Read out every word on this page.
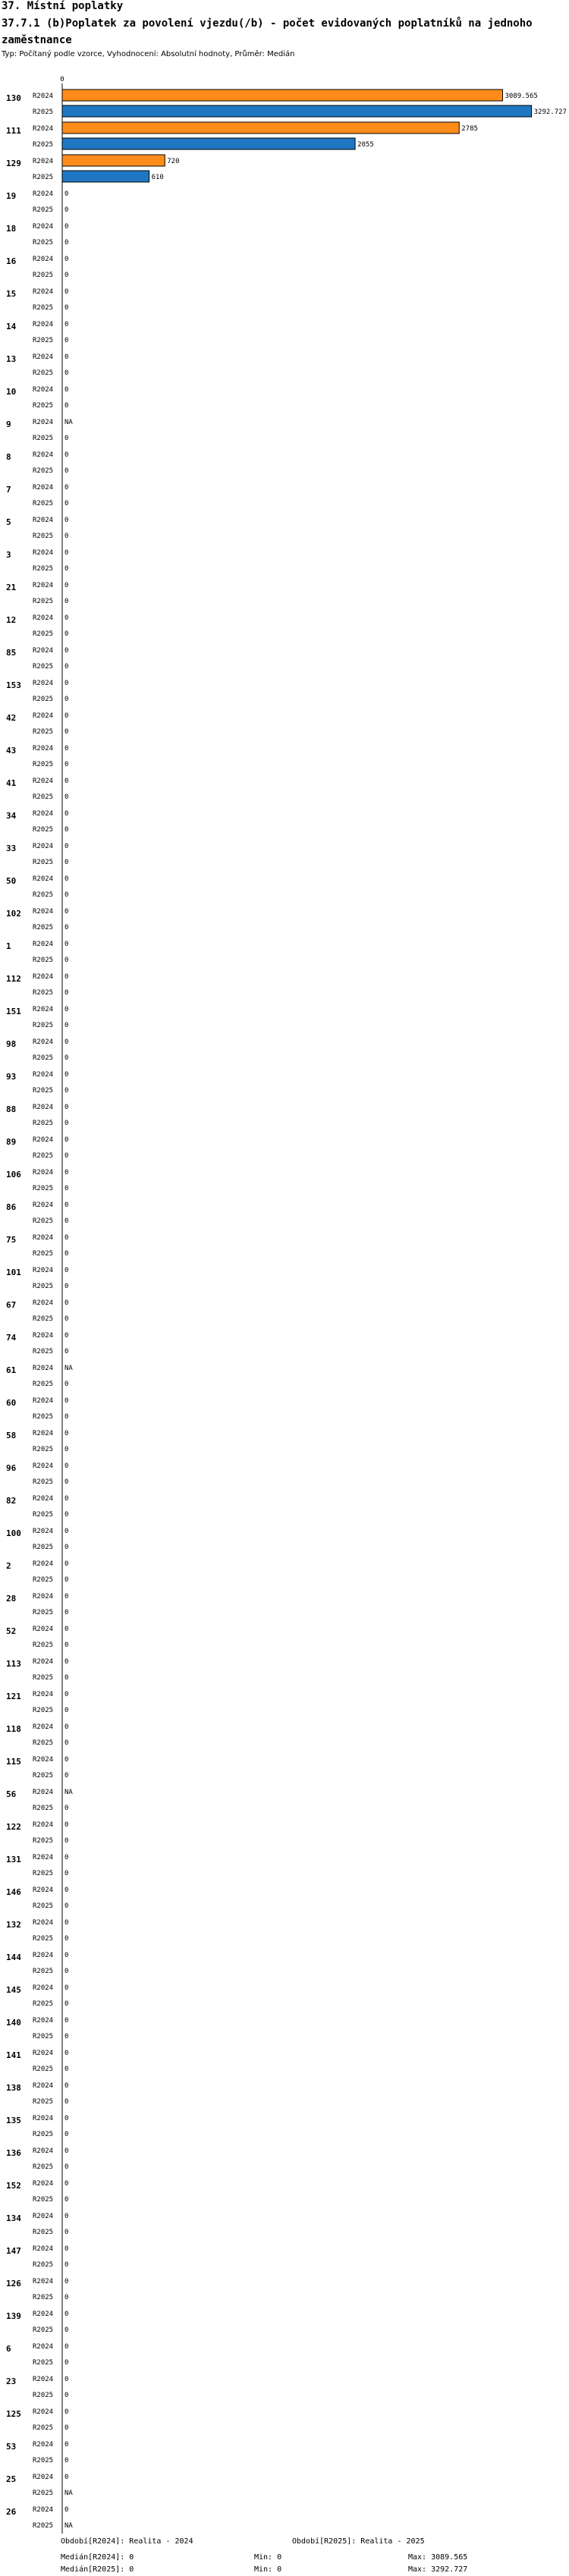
37. Místní poplatky
37.7.1 (b)Poplatek za povolení vjezdu(/b) - počet evidovaných poplatníků na jednoho zaměstnance
Typ: Počítaný podle vzorce, Vyhodnocení: Absolutní hodnoty, Průměr: Medián
0
130 R2024	3089.565
R2025	3292.727
111 R2024	2785
R2025	2055
129 R2024	720
R2025	610
19 R2024 0
R2025 0
18 R2024 0
R2025 0
16 R2024 0
R2025 0
15 R2024 0
R2025 0
14 R2024 0
R2025 0
13 R2024 0
R2025 0
10 R2024 0
R2025 0
9	R2024 NA
R2025 0
8	R2024 0
R2025 0
7	R2024 0
R2025 0
5	R2024 0
R2025 0
3	R2024 0
R2025 0
21 R2024 0
R2025 0
12 R2024 0
R2025 0
85 R2024 0
R2025 0
153 R2024 0
R2025 0
42 R2024 0
R2025 0
43 R2024 0
R2025 0
41 R2024 0
R2025 0
34 R2024 0
R2025 0
33 R2024 0
R2025 0
50 R2024 0
R2025 0
102 R2024 0
R2025 0
1	R2024 0
R2025 0
112 R2024 0
R2025 0
151 R2024 0
R2025 0
98 R2024 0
R2025 0
93 R2024 0
R2025 0
88 R2024 0
R2025 0
89 R2024 0
R2025 0
106 R2024 0
R2025 0
86 R2024 0
R2025 0
75 R2024 0
R2025 0
101 R2024 0
R2025 0
67 R2024 0
R2025 0
74 R2024 0
R2025 0
61 R2024 NA
R2025 0
60 R2024 0
R2025 0
58 R2024 0
R2025 0
96 R2024 0
R2025 0
82 R2024 0
R2025 0
100 R2024 0
R2025 0
2	R2024 0
R2025 0
28 R2024 0
R2025 0
52 R2024 0
R2025 0
113 R2024 0
R2025 0
121 R2024 0
R2025 0
118 R2024 0
R2025 0
115 R2024 0
R2025 0
56 R2024 NA
R2025 0
122 R2024 0
R2025 0
131 R2024 0
R2025 0
146 R2024 0
R2025 0
132 R2024 0
R2025 0
144 R2024 0
R2025 0
145 R2024 0
R2025 0
140 R2024 0
R2025 0
141 R2024 0
R2025 0
138 R2024 0
R2025 0
135 R2024 0
R2025 0
136 R2024 0
R2025 0
152 R2024 0
R2025 0
134 R2024 0
R2025 0
147 R2024 0
R2025 0
126 R2024 0
R2025 0
139 R2024 0
R2025 0
6	R2024 0
R2025 0
23 R2024 0
R2025 0
125 R2024 0
R2025 0
53 R2024 0
R2025 0
25 R2024 0
R2025 NA
26 R2024 0
R2025 NA
Období[R2024]: Realita - 2024	Období[R2025]: Realita - 2025
Medián[R2024]: 0	Min: 0	Max: 3089.565
Medián[R2025]: 0	Min: 0	Max: 3292.727
